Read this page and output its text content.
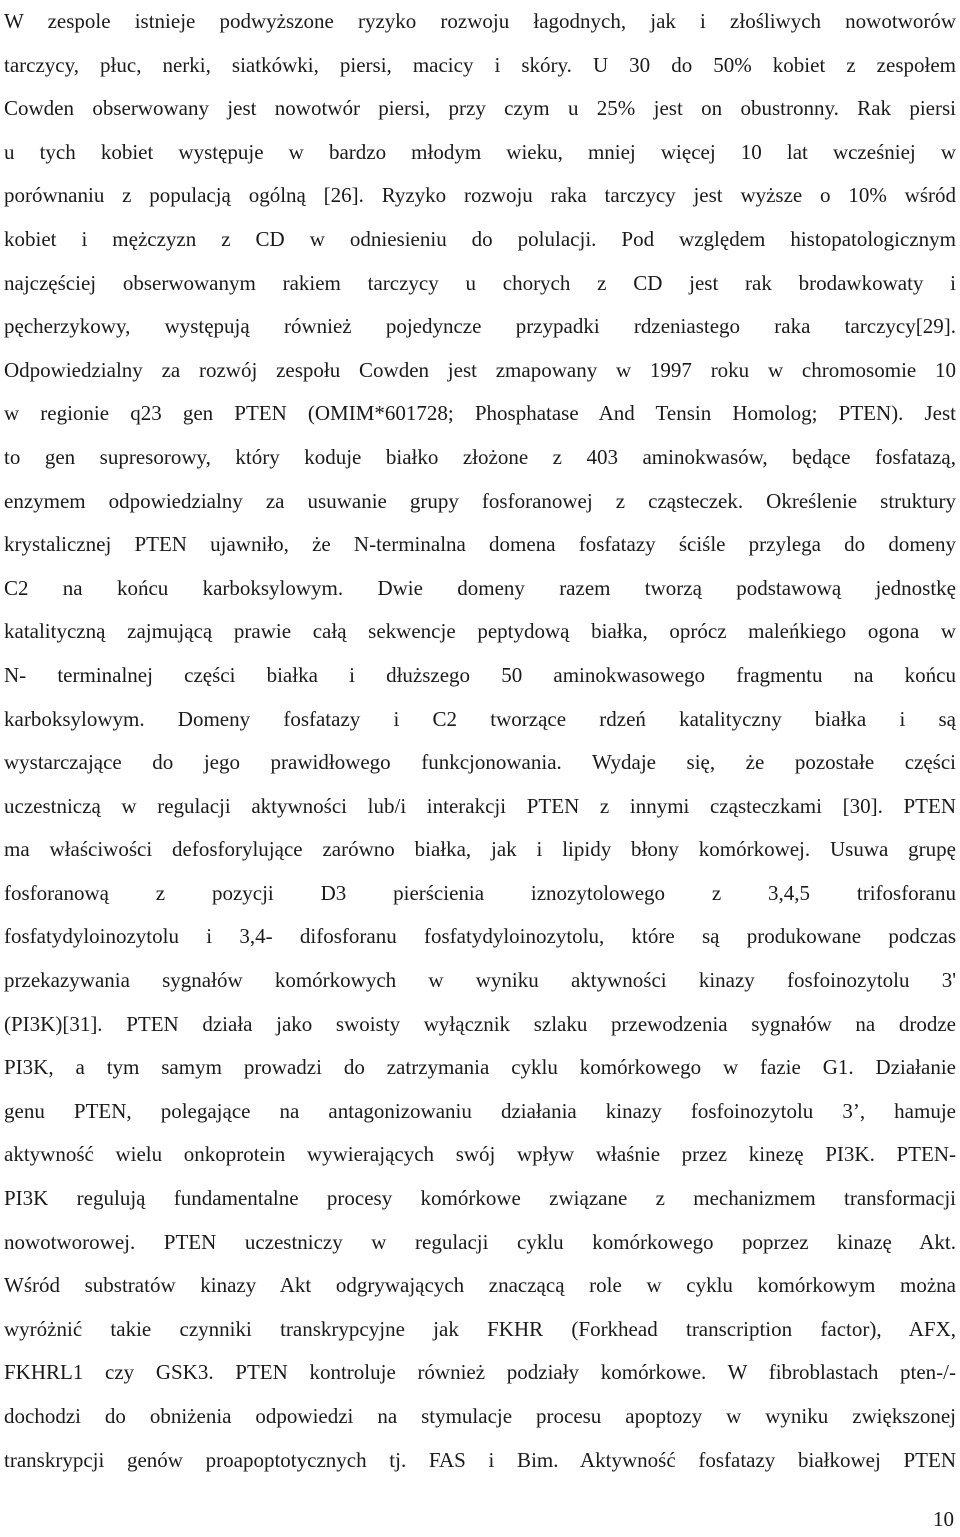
W zespole istnieje podwyższone ryzyko rozwoju łagodnych, jak i złośliwych nowotworów
tarczycy, płuc, nerki, siatkówki, piersi, macicy i skóry. U 30 do 50% kobiet z zespołem
Cowden obserwowany jest nowotwór piersi, przy czym u 25% jest on obustronny. Rak piersi
u tych kobiet występuje w bardzo młodym wieku, mniej więcej 10 lat wcześniej w
porównaniu z populacją ogólną [26]. Ryzyko rozwoju raka tarczycy jest wyższe o 10% wśród
kobiet i mężczyzn z CD w odniesieniu do polulacji. Pod względem histopatologicznym
najczęściej obserwowanym rakiem tarczycy u chorych z CD jest rak brodawkowaty i
pęcherzykowy, występują również pojedyncze przypadki rdzeniastego raka tarczycy[29].
Odpowiedzialny za rozwój zespołu Cowden jest zmapowany w 1997 roku w chromosomie 10
w regionie q23 gen PTEN (OMIM*601728; Phosphatase And Tensin Homolog; PTEN). Jest
to gen supresorowy, który koduje białko złożone z 403 aminokwasów, będące fosfatazą,
enzymem odpowiedzialny za usuwanie grupy fosforanowej z cząsteczek. Określenie struktury
krystalicznej PTEN ujawniło, że N-terminalna domena fosfatazy ściśle przylega do domeny
C2 na końcu karboksylowym. Dwie domeny razem tworzą podstawową jednostkę
katalityczną zajmującą prawie całą sekwencje peptydową białka, oprócz maleńkiego ogona w
N- terminalnej części białka i dłuższego 50 aminokwasowego fragmentu na końcu
karboksylowym. Domeny fosfatazy i C2 tworzące rdzeń katalityczny białka i są
wystarczające do jego prawidłowego funkcjonowania. Wydaje się, że pozostałe części
uczestniczą w regulacji aktywności lub/i interakcji PTEN z innymi cząsteczkami [30]. PTEN
ma właściwości defosforylujące zarówno białka, jak i lipidy błony komórkowej. Usuwa grupę
fosforanową z pozycji D3 pierścienia iznozytolowego z 3,4,5 trifosforanu
fosfatydyloinozytolu i 3,4- difosforanu fosfatydyloinozytolu, które są produkowane podczas
przekazywania sygnałów komórkowych w wyniku aktywności kinazy fosfoinozytolu 3'
(PI3K)[31]. PTEN działa jako swoisty wyłącznik szlaku przewodzenia sygnałów na drodze
PI3K, a tym samym prowadzi do zatrzymania cyklu komórkowego w fazie G1. Działanie
genu PTEN, polegające na antagonizowaniu działania kinazy fosfoinozytolu 3’, hamuje
aktywność wielu onkoprotein wywierających swój wpływ właśnie przez kinezę PI3K. PTEN-
PI3K regulują fundamentalne procesy komórkowe związane z mechanizmem transformacji
nowotworowej. PTEN uczestniczy w regulacji cyklu komórkowego poprzez kinazę Akt.
Wśród substratów kinazy Akt odgrywających znaczącą role w cyklu komórkowym można
wyróżnić takie czynniki transkrypcyjne jak FKHR (Forkhead transcription factor), AFX,
FKHRL1 czy GSK3. PTEN kontroluje również podziały komórkowe. W fibroblastach pten-/-
dochodzi do obniżenia odpowiedzi na stymulacje procesu apoptozy w wyniku zwiększonej
transkrypcji genów proapoptotycznych tj. FAS i Bim. Aktywność fosfatazy białkowej PTEN
10
